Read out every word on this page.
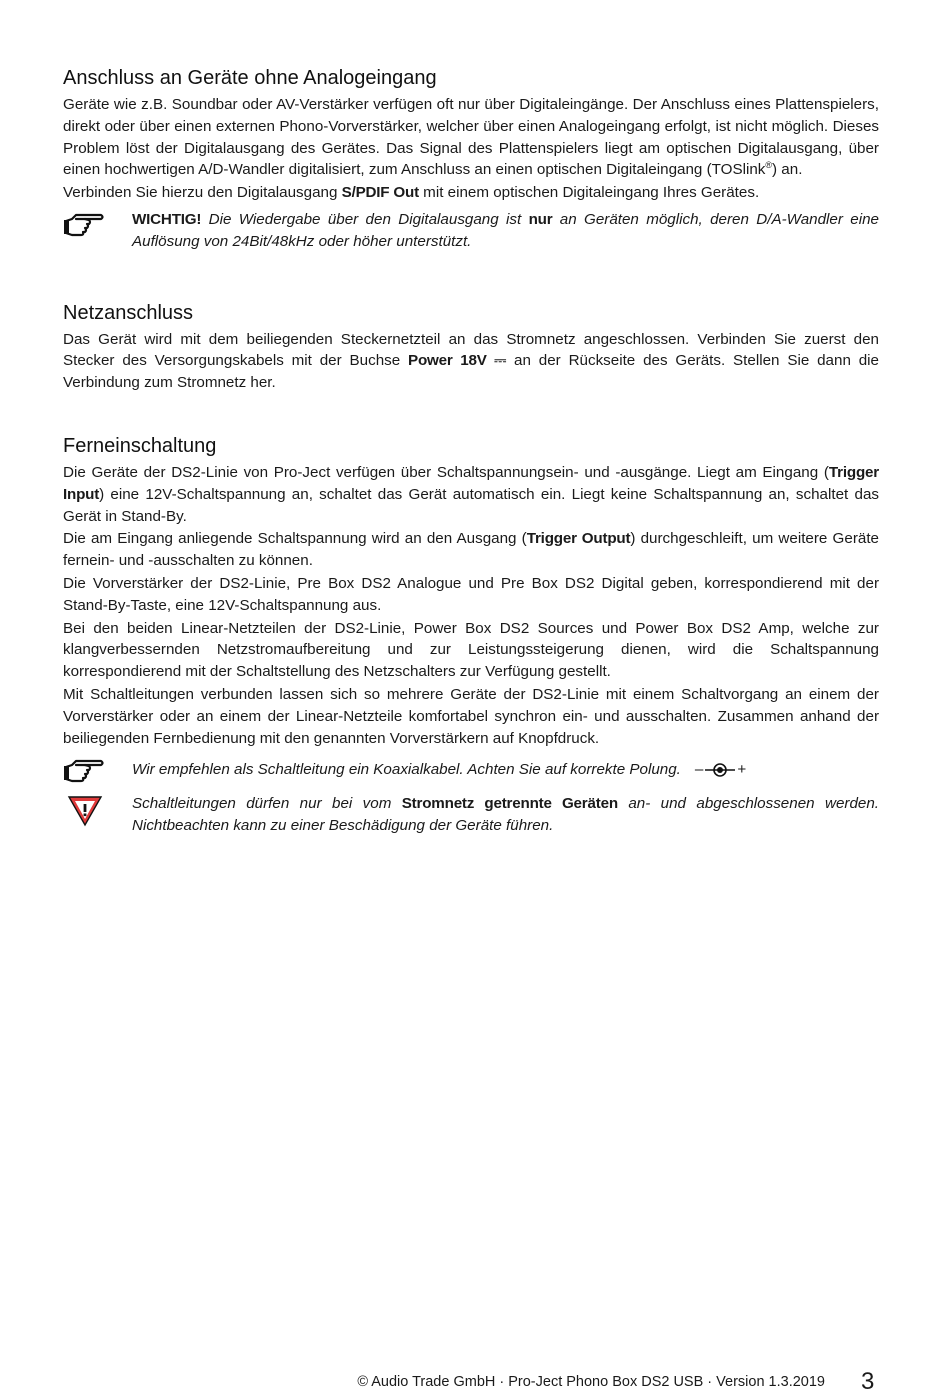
Anschluss an Geräte ohne Analogeingang

Geräte wie z.B. Soundbar oder AV-Verstärker verfügen oft nur über Digitaleingänge. Der Anschluss eines Plattenspielers, direkt oder über einen externen Phono-Vorverstärker, welcher über einen Analogeingang erfolgt, ist nicht möglich. Dieses Problem löst der Digitalausgang des Gerätes. Das Signal des Plattenspielers liegt am optischen Digitalausgang, über einen hochwertigen A/D-Wandler digitalisiert, zum Anschluss an einen optischen Digitaleingang (TOSlink®) an.

Verbinden Sie hierzu den Digitalausgang S/PDIF Out mit einem optischen Digitaleingang Ihres Gerätes.

WICHTIG! Die Wiedergabe über den Digitalausgang ist nur an Geräten möglich, deren D/A-Wandler eine Auflösung von 24Bit/48kHz oder höher unterstützt.

Netzanschluss

Das Gerät wird mit dem beiliegenden Steckernetzteil an das Stromnetz angeschlossen. Verbinden Sie zuerst den Stecker des Versorgungskabels mit der Buchse Power 18V ⎓ an der Rückseite des Geräts. Stellen Sie dann die Verbindung zum Stromnetz her.

Ferneinschaltung

Die Geräte der DS2-Linie von Pro-Ject verfügen über Schaltspannungsein- und -ausgänge. Liegt am Eingang (Trigger Input) eine 12V-Schaltspannung an, schaltet das Gerät automatisch ein. Liegt keine Schaltspannung an, schaltet das Gerät in Stand-By.

Die am Eingang anliegende Schaltspannung wird an den Ausgang (Trigger Output) durchgeschleift, um weitere Geräte fernein- und -ausschalten zu können.

Die Vorverstärker der DS2-Linie, Pre Box DS2 Analogue und Pre Box DS2 Digital geben, korrespondierend mit der Stand-By-Taste, eine 12V-Schaltspannung aus.

Bei den beiden Linear-Netzteilen der DS2-Linie, Power Box DS2 Sources und Power Box DS2 Amp, welche zur klangverbessernden Netzstromaufbereitung und zur Leistungssteigerung dienen, wird die Schaltspannung korrespondierend mit der Schaltstellung des Netzschalters zur Verfügung gestellt.

Mit Schaltleitungen verbunden lassen sich so mehrere Geräte der DS2-Linie mit einem Schaltvorgang an einem der Vorverstärker oder an einem der Linear-Netzteile komfortabel synchron ein- und ausschalten. Zusammen anhand der beiliegenden Fernbedienung mit den genannten Vorverstärkern auf Knopfdruck.

Wir empfehlen als Schaltleitung ein Koaxialkabel. Achten Sie auf korrekte Polung. – +

Schaltleitungen dürfen nur bei vom Stromnetz getrennte Geräten an- und abgeschlossenen werden. Nichtbeachten kann zu einer Beschädigung der Geräte führen.

© Audio Trade GmbH · Pro-Ject Phono Box DS2 USB · Version 1.3.2019 3
